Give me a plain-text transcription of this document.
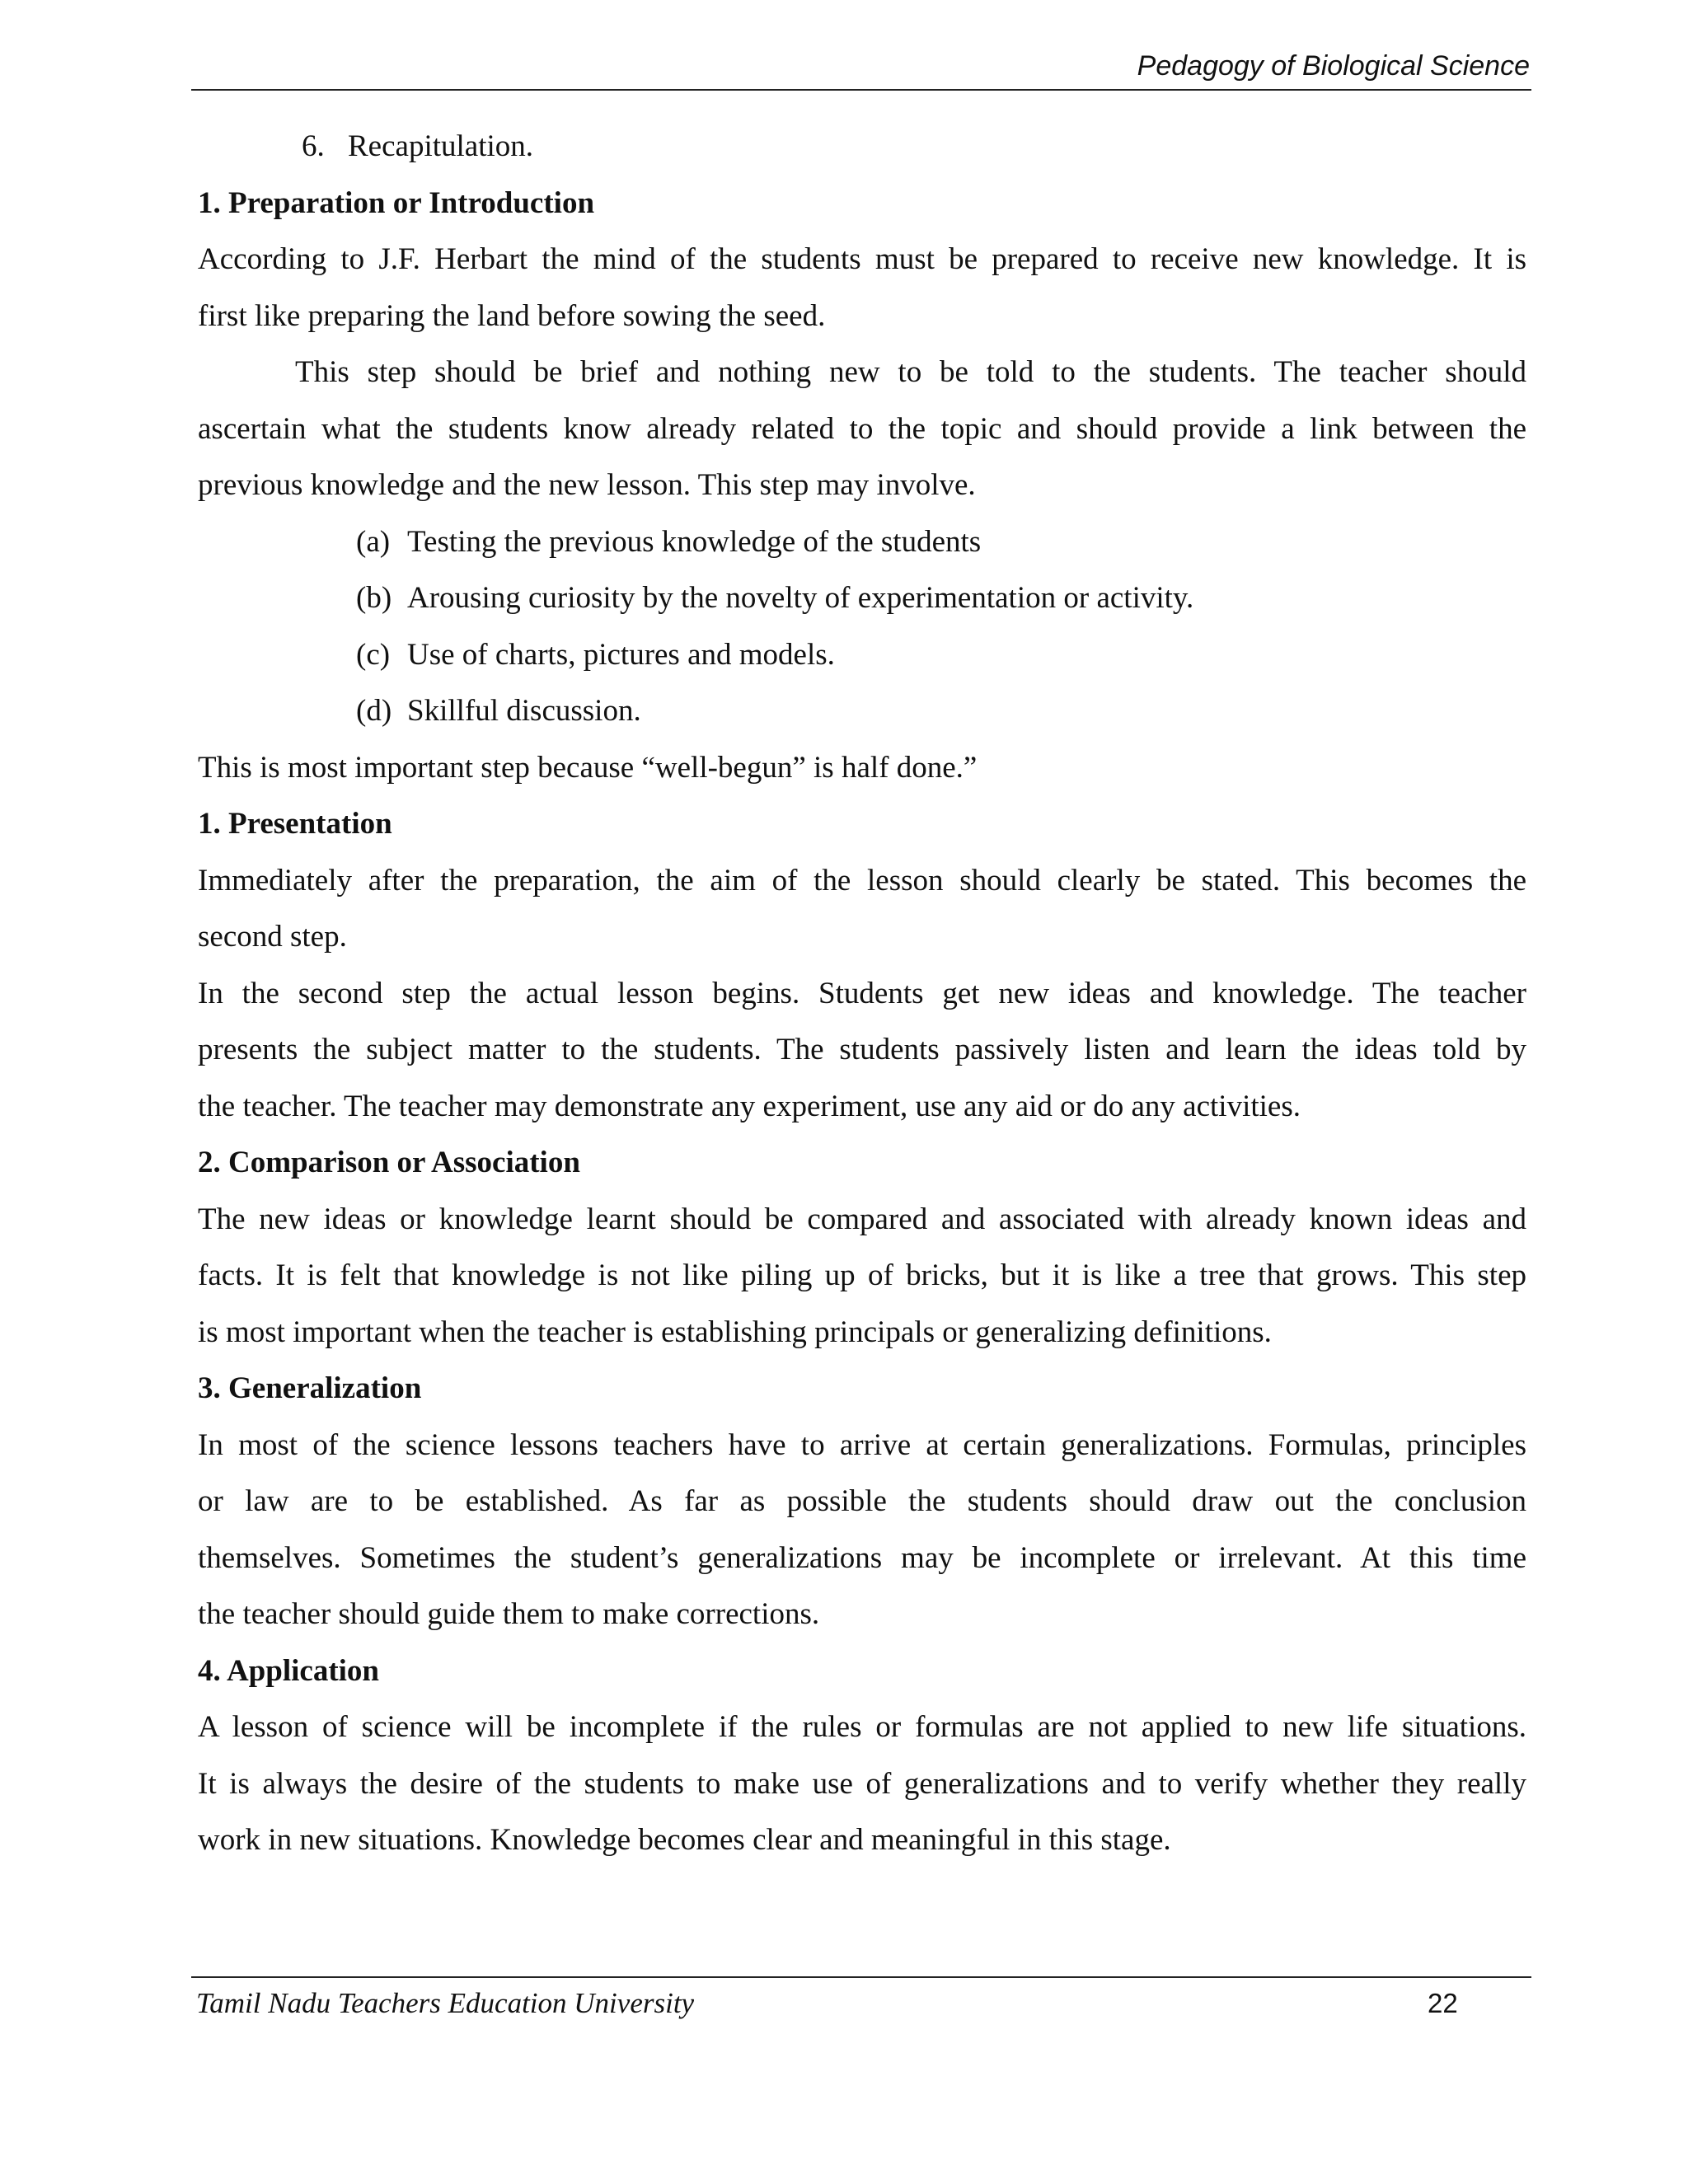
Pedagogy of Biological Science
6. Recapitulation.
1. Preparation or Introduction
According to J.F. Herbart the mind of the students must be prepared to receive new knowledge. It is
first like preparing the land before sowing the seed.
This step should be brief and nothing new to be told to the students. The teacher should
ascertain what the students know already related to the topic and should provide a link between the
previous knowledge and the new lesson. This step may involve.
(a) Testing the previous knowledge of the students
(b) Arousing curiosity by the novelty of experimentation or activity.
(c) Use of charts, pictures and models.
(d) Skillful discussion.
This is most important step because “well-begun” is half done.”
1. Presentation
Immediately after the preparation, the aim of the lesson should clearly be stated. This becomes the
second step.
In the second step the actual lesson begins. Students get new ideas and knowledge. The teacher
presents the subject matter to the students. The students passively listen and learn the ideas told by
the teacher. The teacher may demonstrate any experiment, use any aid or do any activities.
2. Comparison or Association
The new ideas or knowledge learnt should be compared and associated with already known ideas and
facts. It is felt that knowledge is not like piling up of bricks, but it is like a tree that grows. This step
is most important when the teacher is establishing principals or generalizing definitions.
3. Generalization
In most of the science lessons teachers have to arrive at certain generalizations. Formulas, principles
or law are to be established. As far as possible the students should draw out the conclusion
themselves. Sometimes the student’s generalizations may be incomplete or irrelevant. At this time
the teacher should guide them to make corrections.
4. Application
A lesson of science will be incomplete if the rules or formulas are not applied to new life situations.
It is always the desire of the students to make use of generalizations and to verify whether they really
work in new situations. Knowledge becomes clear and meaningful in this stage.
Tamil Nadu Teachers Education University	22
